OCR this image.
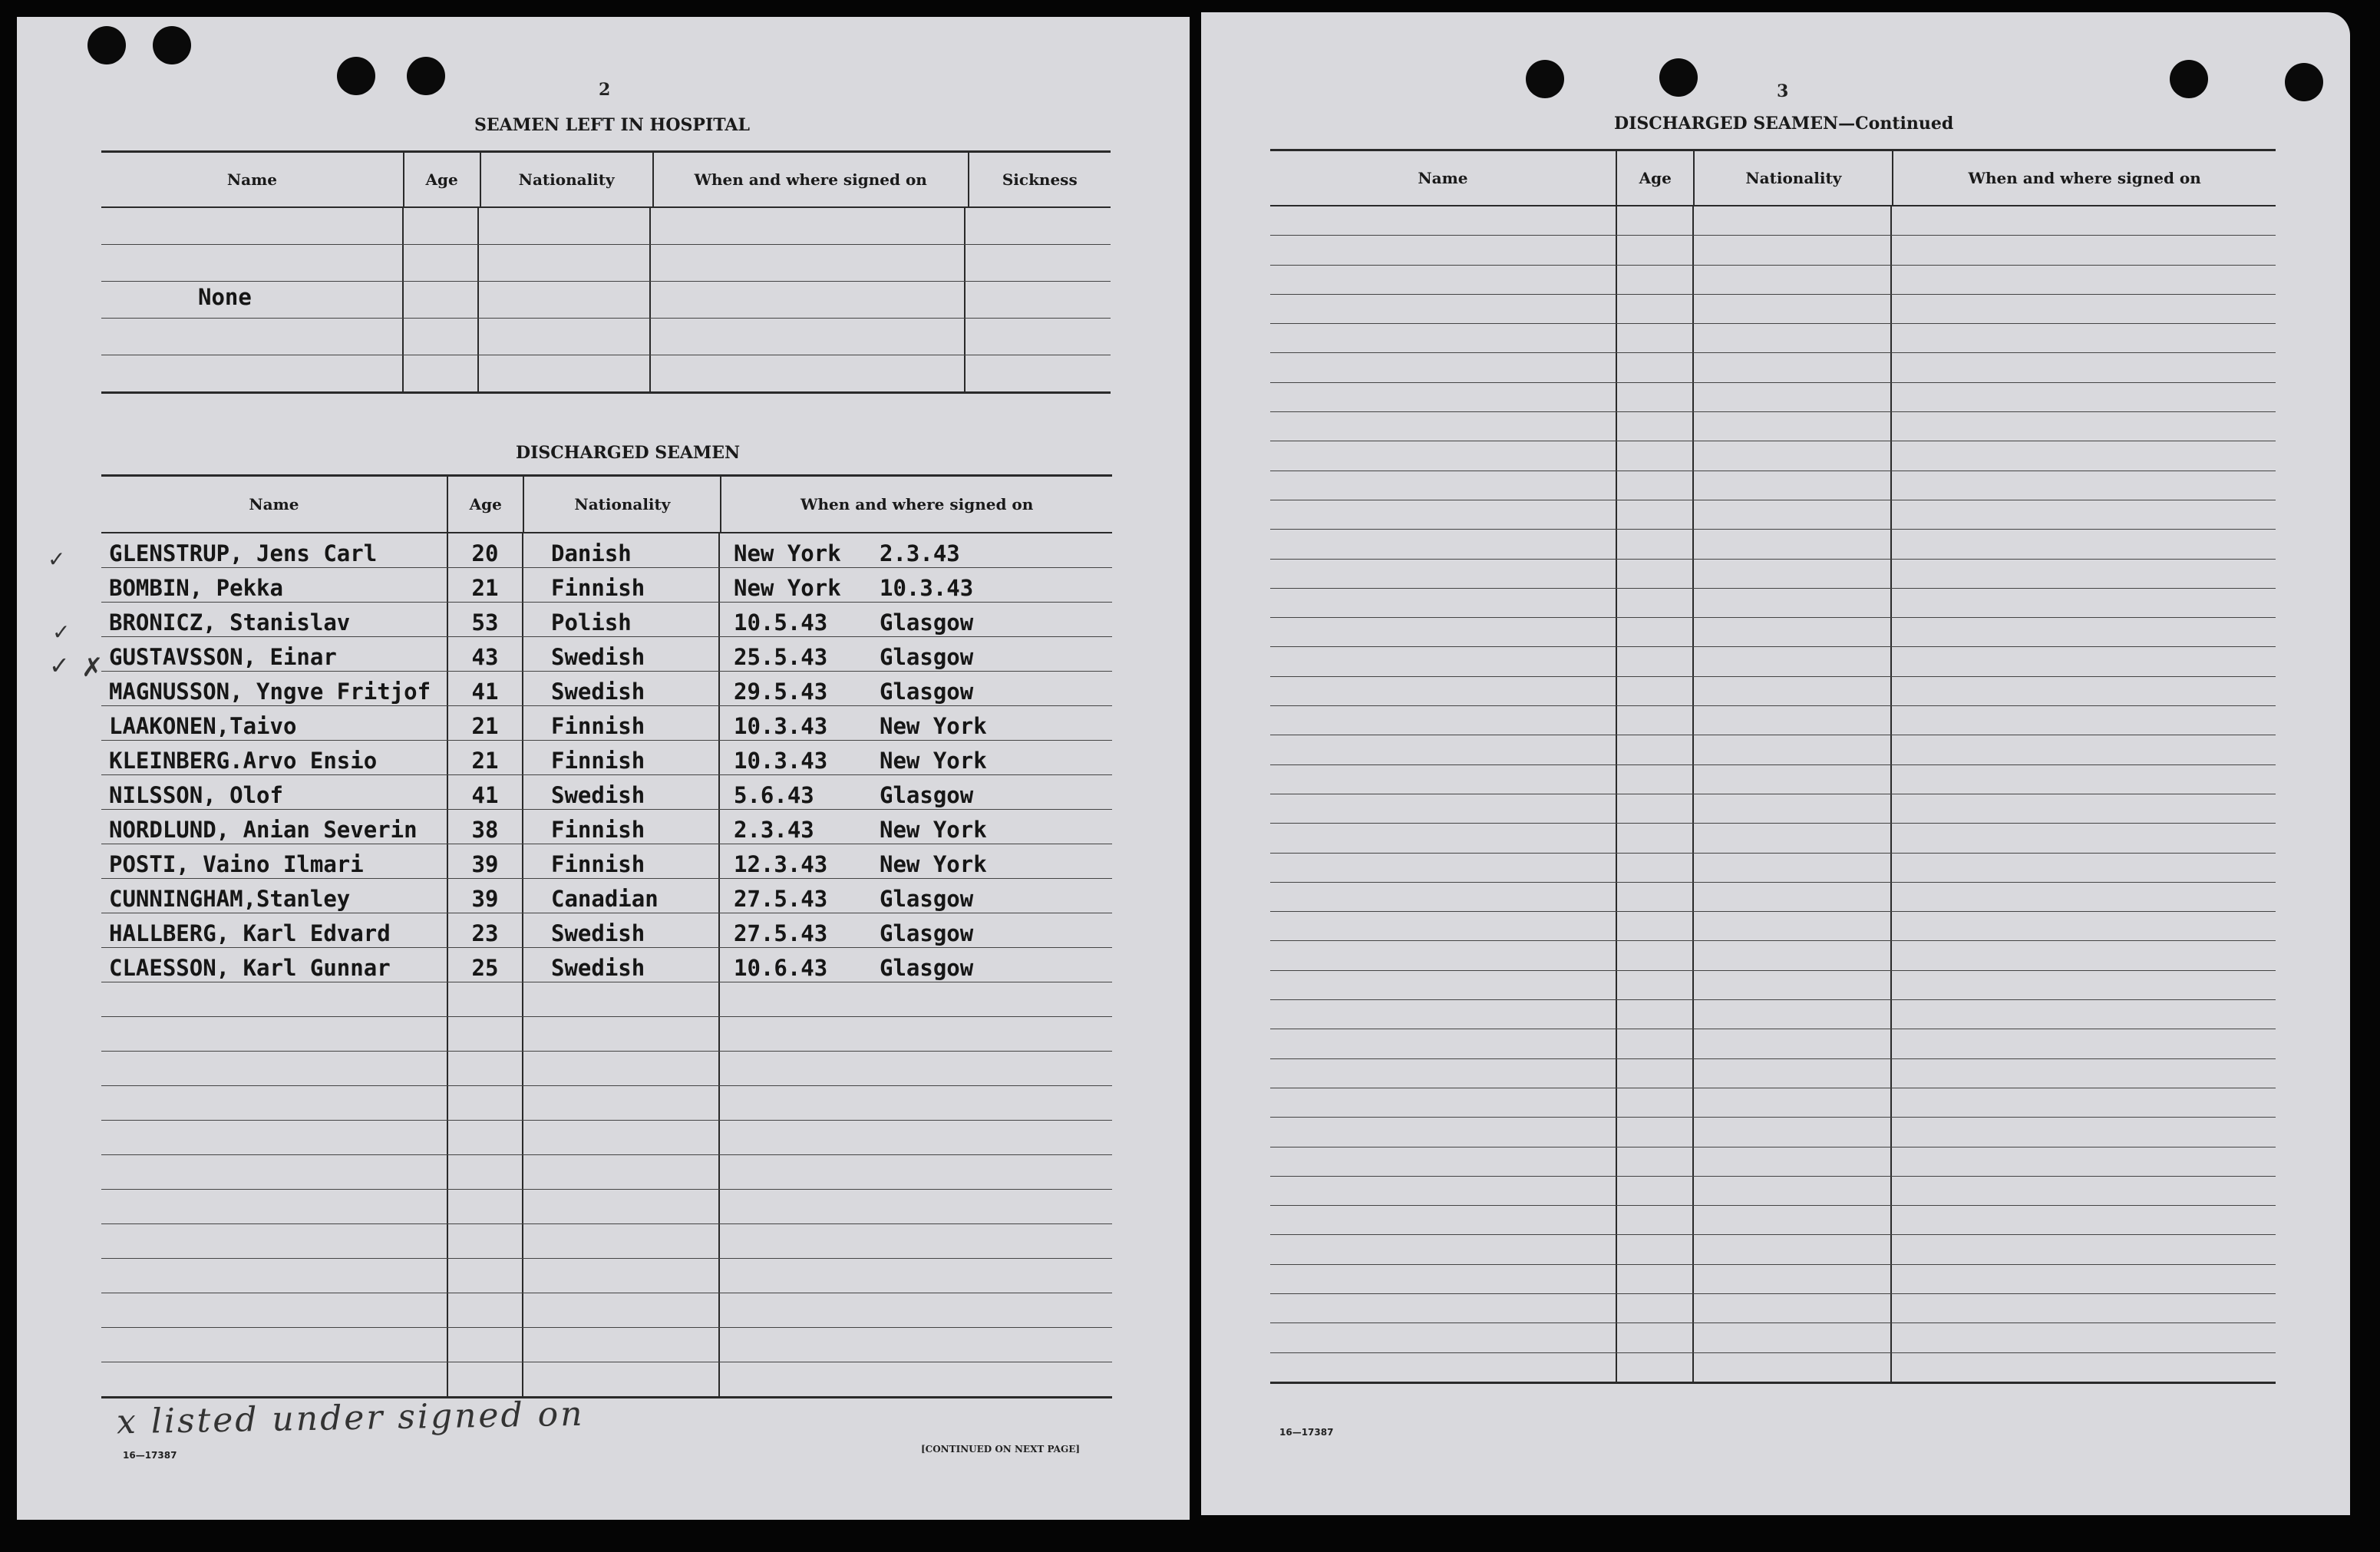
2
SEAMEN LEFT IN HOSPITAL
Name	Age	Nationality	When and where signed on	Sickness
None
DISCHARGED SEAMEN
Name	Age	Nationality	When and where signed on
GLENSTRUP, Jens Carl	20	Danish	New York	2.3.43
BOMBIN, Pekka	21	Finnish	New York	10.3.43
BRONICZ, Stanislav	53	Polish	10.5.43	Glasgow
GUSTAVSSON, Einar	43	Swedish	25.5.43	Glasgow
MAGNUSSON, Yngve Fritjof	41	Swedish	29.5.43	Glasgow
LAAKONEN,Taivo	21	Finnish	10.3.43	New York
KLEINBERG.Arvo Ensio	21	Finnish	10.3.43	New York
NILSSON, Olof	41	Swedish	5.6.43	Glasgow
NORDLUND, Anian Severin	38	Finnish	2.3.43	New York
POSTI, Vaino Ilmari	39	Finnish	12.3.43	New York
CUNNINGHAM,Stanley	39	Canadian	27.5.43	Glasgow
HALLBERG, Karl Edvard	23	Swedish	27.5.43	Glasgow
CLAESSON, Karl Gunnar	25	Swedish	10.6.43	Glasgow
✓
✓
✓ ✗
x listed under signed on
16—17387
[CONTINUED ON NEXT PAGE]
3
DISCHARGED SEAMEN—Continued
Name	Age	Nationality	When and where signed on
16—17387
